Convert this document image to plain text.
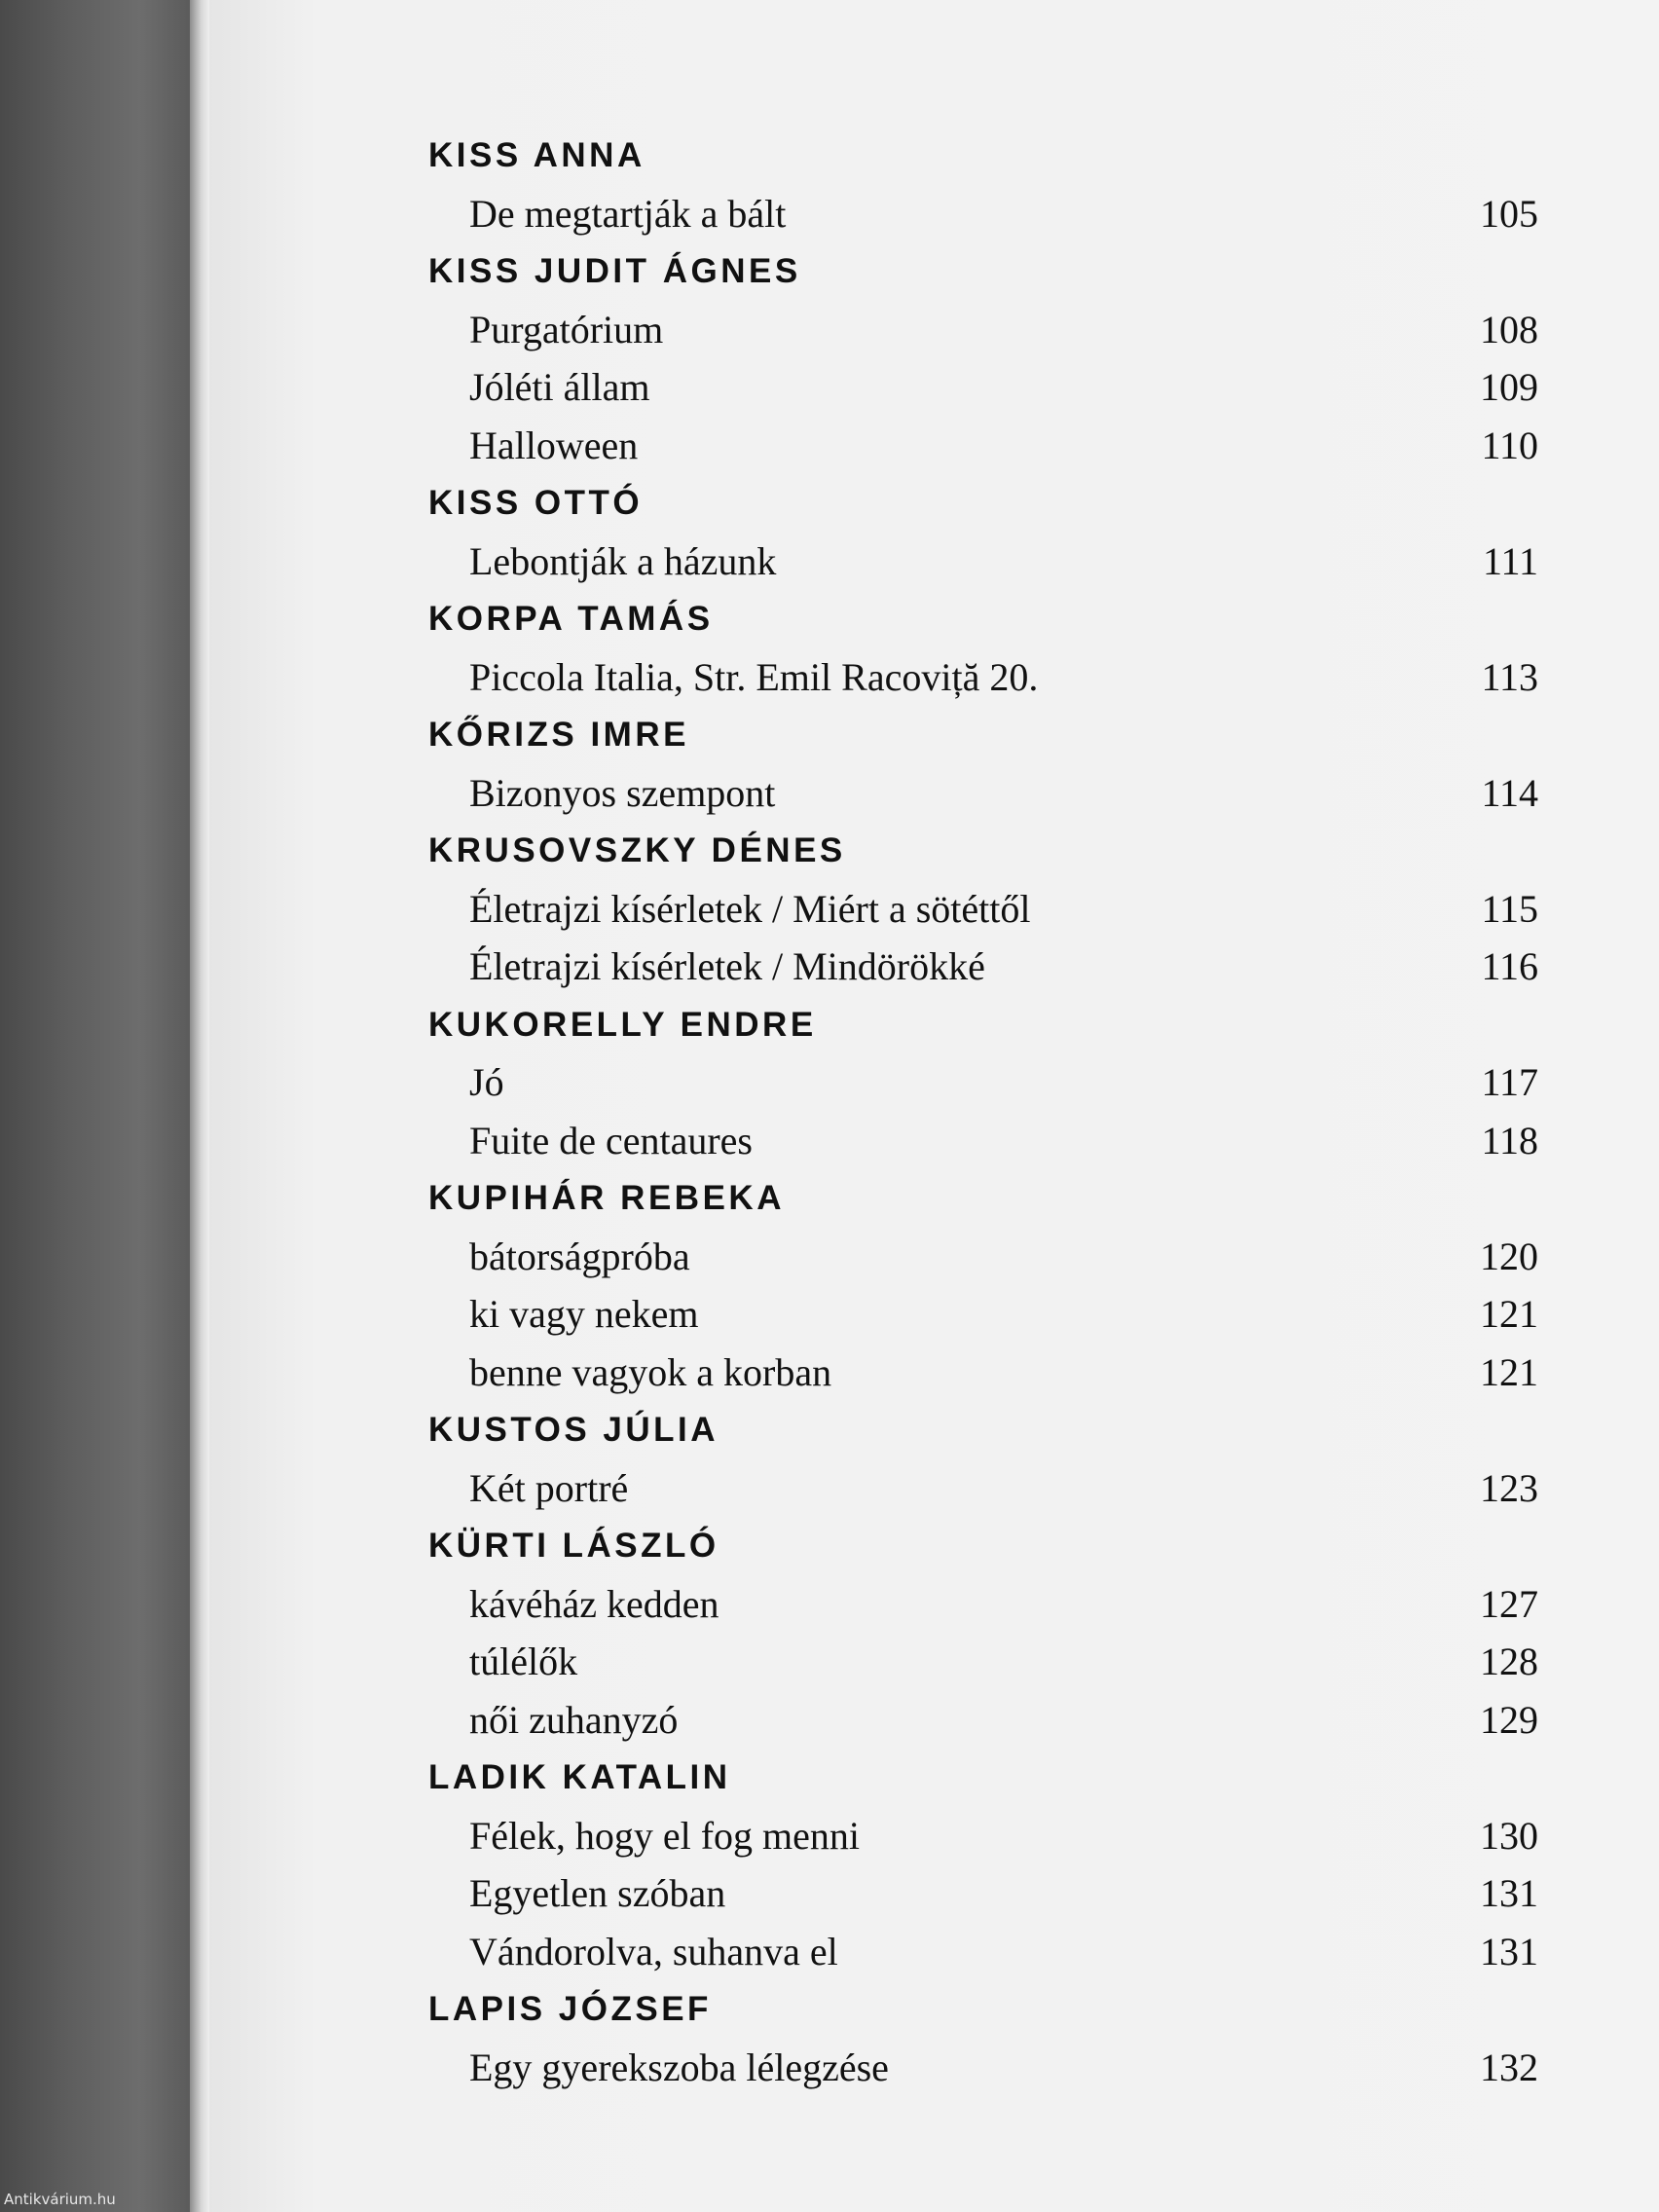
KISS ANNA
De megtartják a bált	105
KISS JUDIT ÁGNES
Purgatórium	108
Jóléti állam	109
Halloween	110
KISS OTTÓ
Lebontják a házunk	111
KORPA TAMÁS
Piccola Italia, Str. Emil Racoviță 20.	113
KŐRIZS IMRE
Bizonyos szempont	114
KRUSOVSZKY DÉNES
Életrajzi kísérletek / Miért a sötéttől	115
Életrajzi kísérletek / Mindörökké	116
KUKORELLY ENDRE
Jó	117
Fuite de centaures	118
KUPIHÁR REBEKA
bátorságpróba	120
ki vagy nekem	121
benne vagyok a korban	121
KUSTOS JÚLIA
Két portré	123
KÜRTI LÁSZLÓ
kávéház kedden	127
túlélők	128
női zuhanyzó	129
LADIK KATALIN
Félek, hogy el fog menni	130
Egyetlen szóban	131
Vándorolva, suhanva el	131
LAPIS JÓZSEF
Egy gyerekszoba lélegzése	132
Antikvárium.hu
